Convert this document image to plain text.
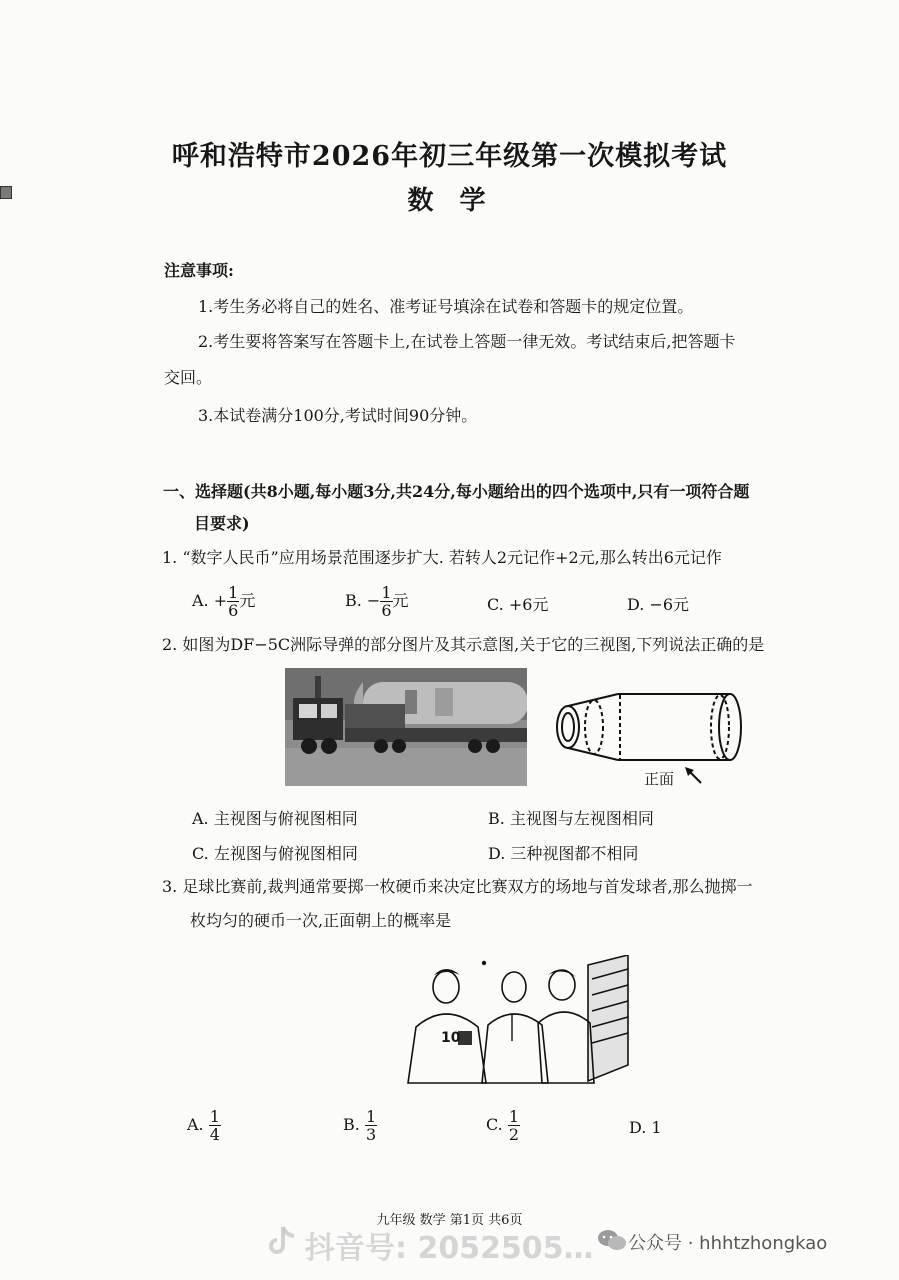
呼和浩特市2026年初三年级第一次模拟考试
数学
注意事项:
1.考生务必将自己的姓名、准考证号填涂在试卷和答题卡的规定位置。
2.考生要将答案写在答题卡上,在试卷上答题一律无效。考试结束后,把答题卡
交回。
3.本试卷满分100分,考试时间90分钟。
一、选择题(共8小题,每小题3分,共24分,每小题给出的四个选项中,只有一项符合题
目要求)
1. “数字人民币”应用场景范围逐步扩大. 若转人2元记作+2元,那么转出6元记作
A. + $\frac{1}{6}$ 元	B. − $\frac{1}{6}$ 元	C. +6元	D. −6元
2. 如图为DF−5C洲际导弹的部分图片及其示意图,关于它的三视图,下列说法正确的是
正面
A. 主视图与俯视图相同	B. 主视图与左视图相同
C. 左视图与俯视图相同	D. 三种视图都不相同
3. 足球比赛前,裁判通常要掷一枚硬币来决定比赛双方的场地与首发球者,那么抛掷一
枚均匀的硬币一次,正面朝上的概率是
10
A. $\frac{1}{4}$	B. $\frac{1}{3}$	C. $\frac{1}{2}$	D. 1
九年级 数学 第1页 共6页
抖音号: 2052505… 公众号 · hhhtzhongkao
